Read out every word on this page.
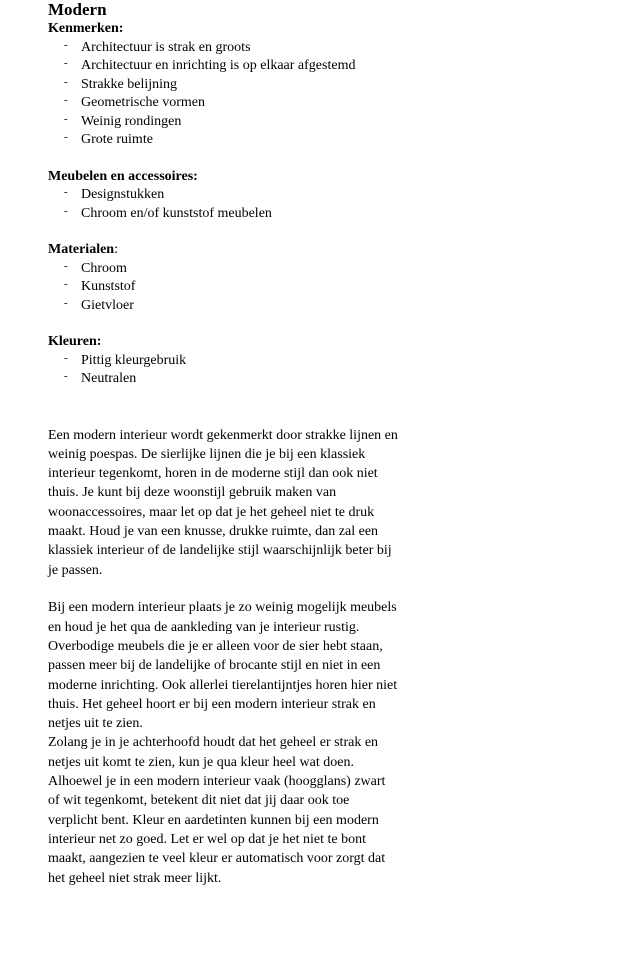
Modern

Kenmerken:

- Architectuur is strak en groots
- Architectuur en inrichting is op elkaar afgestemd
- Strakke belijning
- Geometrische vormen
- Weinig rondingen
- Grote ruimte

Meubelen en accessoires:

- Designstukken
- Chroom en/of kunststof meubelen

Materialen:

- Chroom
- Kunststof
- Gietvloer

Kleuren:

- Pittig kleurgebruik
- Neutralen
Een modern interieur wordt gekenmerkt door strakke lijnen en
weinig poespas. De sierlijke lijnen die je bij een klassiek
interieur tegenkomt, horen in de moderne stijl dan ook niet
thuis. Je kunt bij deze woonstijl gebruik maken van
woonaccessoires, maar let op dat je het geheel niet te druk
maakt. Houd je van een knusse, drukke ruimte, dan zal een
klassiek interieur of de landelijke stijl waarschijnlijk beter bij
je passen.
Bij een modern interieur plaats je zo weinig mogelijk meubels
en houd je het qua de aankleding van je interieur rustig.
Overbodige meubels die je er alleen voor de sier hebt staan,
passen meer bij de landelijke of brocante stijl en niet in een
moderne inrichting. Ook allerlei tierelantijntjes horen hier niet
thuis. Het geheel hoort er bij een modern interieur strak en
netjes uit te zien.
Zolang je in je achterhoofd houdt dat het geheel er strak en
netjes uit komt te zien, kun je qua kleur heel wat doen.
Alhoewel je in een modern interieur vaak (hoogglans) zwart
of wit tegenkomt, betekent dit niet dat jij daar ook toe
verplicht bent. Kleur en aardetinten kunnen bij een modern
interieur net zo goed. Let er wel op dat je het niet te bont
maakt, aangezien te veel kleur er automatisch voor zorgt dat
het geheel niet strak meer lijkt.
